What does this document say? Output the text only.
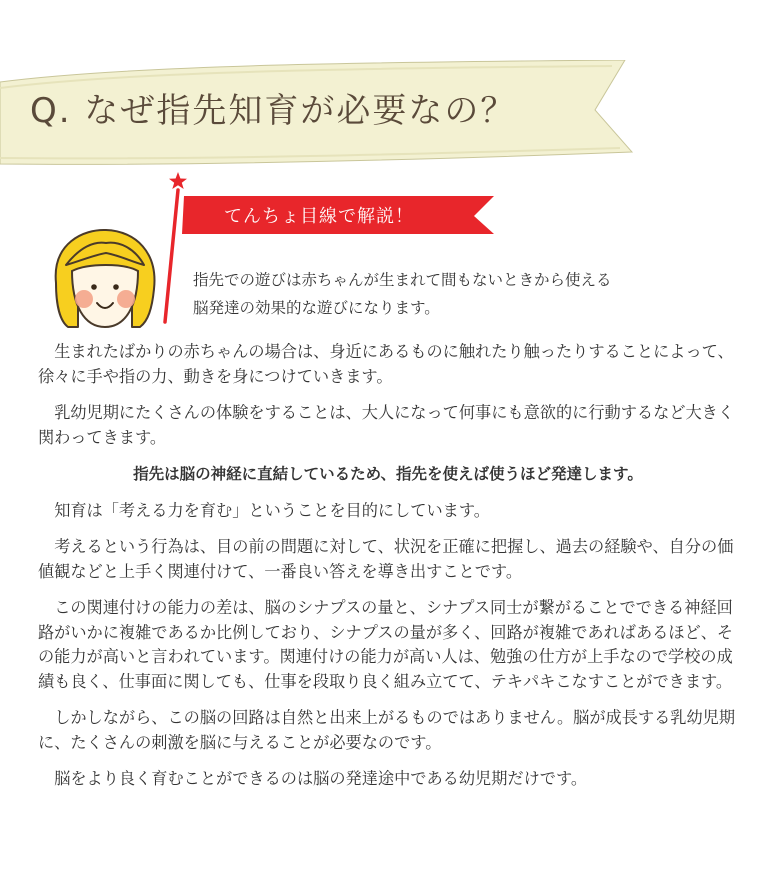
Q. なぜ指先知育が必要なの？
てんちょ目線で解説！
指先での遊びは赤ちゃんが生まれて間もないときから使える
脳発達の効果的な遊びになります。

生まれたばかりの赤ちゃんの場合は、身近にあるものに触れたり触ったりすることによって、徐々に手や指の力、動きを身につけていきます。

乳幼児期にたくさんの体験をすることは、大人になって何事にも意欲的に行動するなど大きく関わってきます。

指先は脳の神経に直結しているため、指先を使えば使うほど発達します。

知育は「考える力を育む」ということを目的にしています。

考えるという行為は、目の前の問題に対して、状況を正確に把握し、過去の経験や、自分の価値観などと上手く関連付けて、一番良い答えを導き出すことです。

この関連付けの能力の差は、脳のシナプスの量と、シナプス同士が繋がることでできる神経回路がいかに複雑であるか比例しており、シナプスの量が多く、回路が複雑であればあるほど、その能力が高いと言われています。関連付けの能力が高い人は、勉強の仕方が上手なので学校の成績も良く、仕事面に関しても、仕事を段取り良く組み立てて、テキパキこなすことができます。

しかしながら、この脳の回路は自然と出来上がるものではありません。脳が成長する乳幼児期に、たくさんの刺激を脳に与えることが必要なのです。

脳をより良く育むことができるのは脳の発達途中である幼児期だけです。
